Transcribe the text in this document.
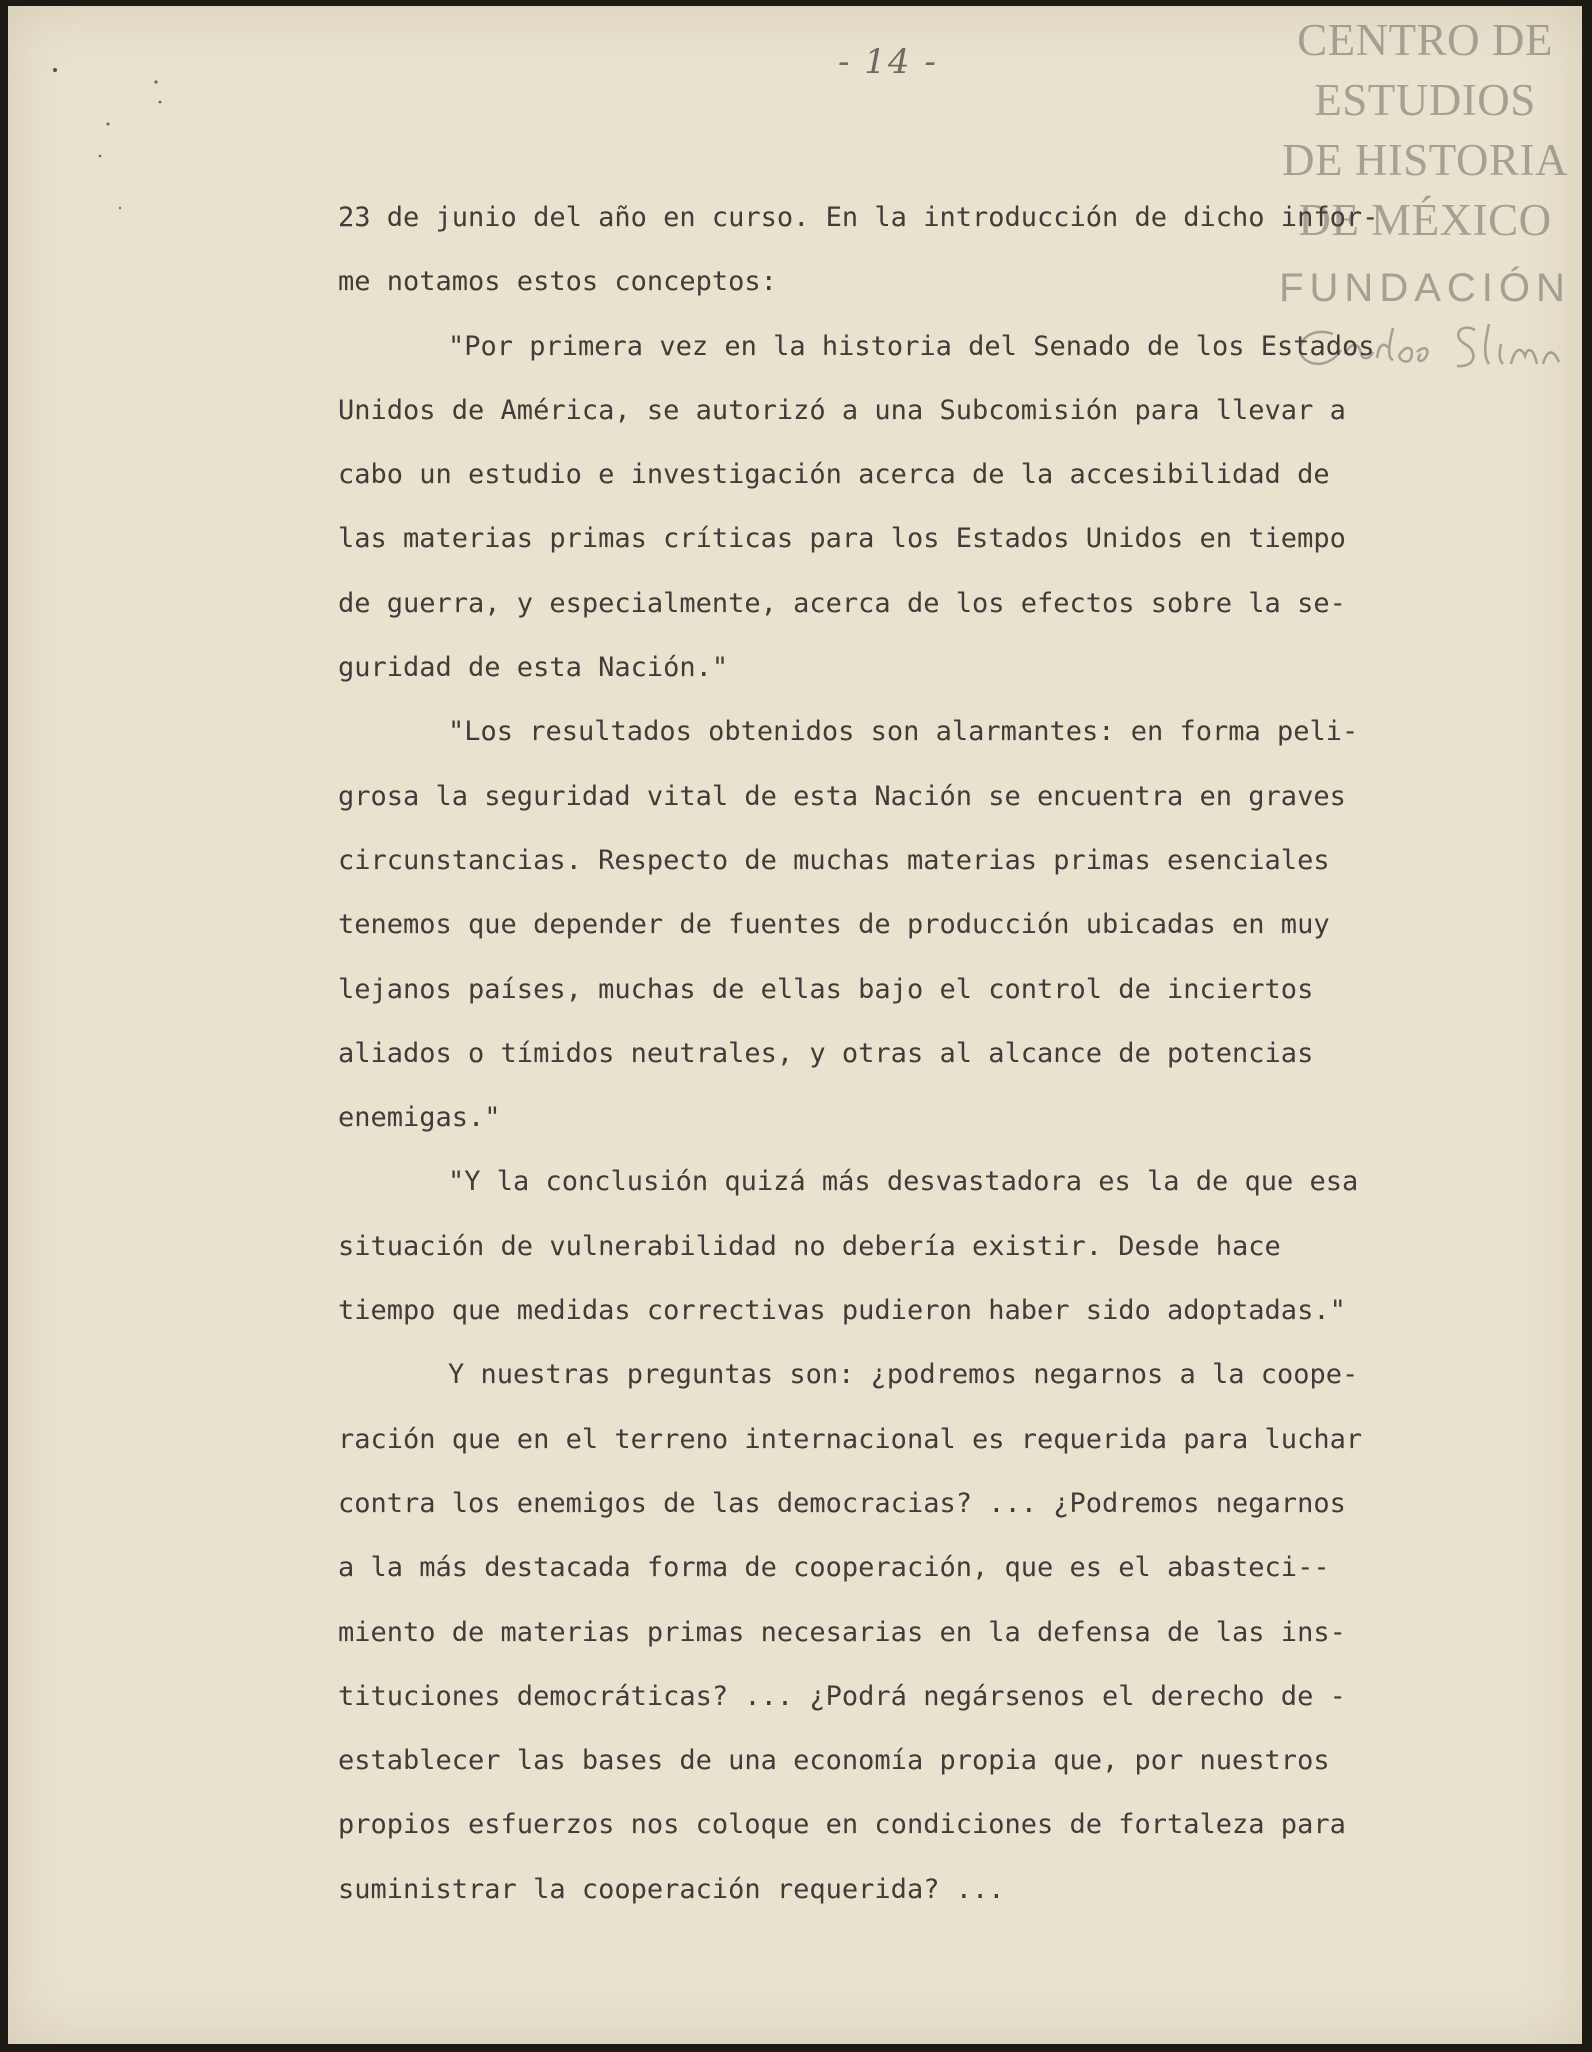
- 14 -	CENTRO DE
ESTUDIOS
DE HISTORIA
DE MÉXICO
FUNDACIÓN
23 de junio del año en curso. En la introducción de dicho infor-
me notamos estos conceptos:
"Por primera vez en la historia del Senado de los Estados
Unidos de América, se autorizó a una Subcomisión para llevar a
cabo un estudio e investigación acerca de la accesibilidad de
las materias primas críticas para los Estados Unidos en tiempo
de guerra, y especialmente, acerca de los efectos sobre la se-
guridad de esta Nación."
"Los resultados obtenidos son alarmantes: en forma peli-
grosa la seguridad vital de esta Nación se encuentra en graves
circunstancias. Respecto de muchas materias primas esenciales
tenemos que depender de fuentes de producción ubicadas en muy
lejanos países, muchas de ellas bajo el control de inciertos
aliados o tímidos neutrales, y otras al alcance de potencias
enemigas."
"Y la conclusión quizá más desvastadora es la de que esa
situación de vulnerabilidad no debería existir. Desde hace
tiempo que medidas correctivas pudieron haber sido adoptadas."
Y nuestras preguntas son: ¿podremos negarnos a la coope-
ración que en el terreno internacional es requerida para luchar
contra los enemigos de las democracias? ... ¿Podremos negarnos
a la más destacada forma de cooperación, que es el abasteci--
miento de materias primas necesarias en la defensa de las ins-
tituciones democráticas? ... ¿Podrá negársenos el derecho de -
establecer las bases de una economía propia que, por nuestros
propios esfuerzos nos coloque en condiciones de fortaleza para
suministrar la cooperación requerida? ...
